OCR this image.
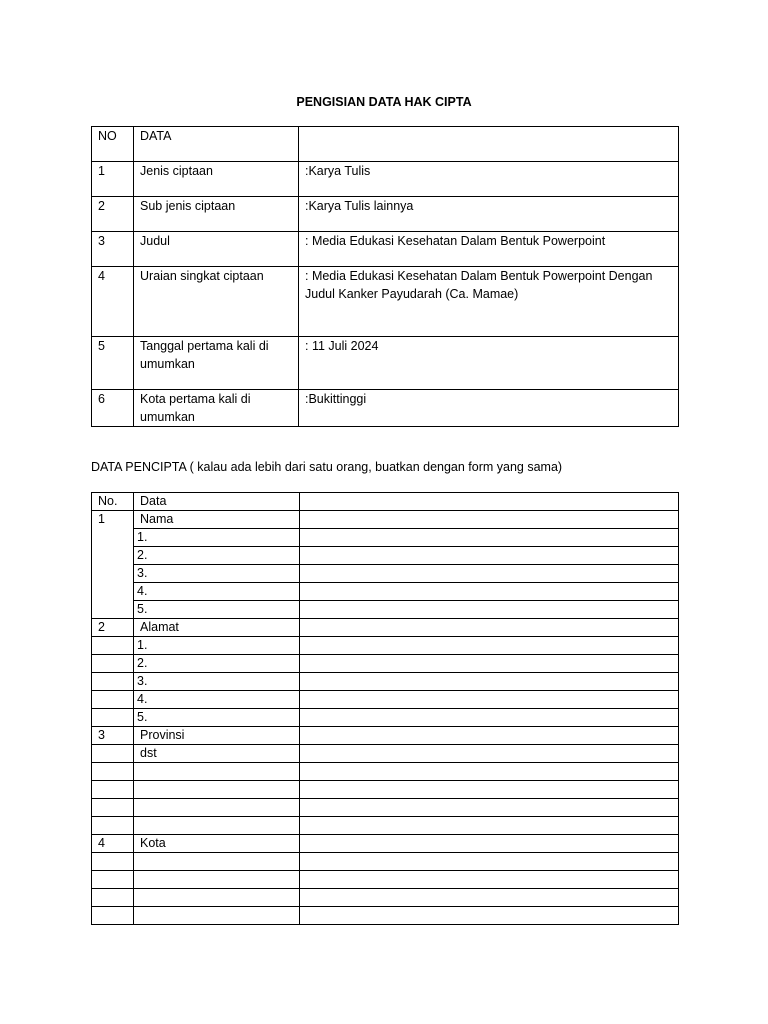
PENGISIAN DATA HAK CIPTA
NO	DATA	
1	Jenis ciptaan	:Karya Tulis
2	Sub jenis ciptaan	:Karya Tulis lainnya
3	Judul	: Media Edukasi Kesehatan Dalam Bentuk Powerpoint
4	Uraian singkat ciptaan	: Media Edukasi Kesehatan Dalam Bentuk Powerpoint Dengan Judul Kanker Payudarah (Ca. Mamae)
5	Tanggal pertama kali di umumkan	: 11 Juli 2024
6	Kota pertama kali di umumkan	:Bukittinggi
DATA PENCIPTA ( kalau ada lebih dari satu orang, buatkan dengan form yang sama)
No.	Data	
1	Nama	
	1.	
	2.	
	3.	
	4.	
	5.	
2	Alamat	
	1.	
	2.	
	3.	
	4.	
	5.	
3	Provinsi	
	dst	

4	Kota	
